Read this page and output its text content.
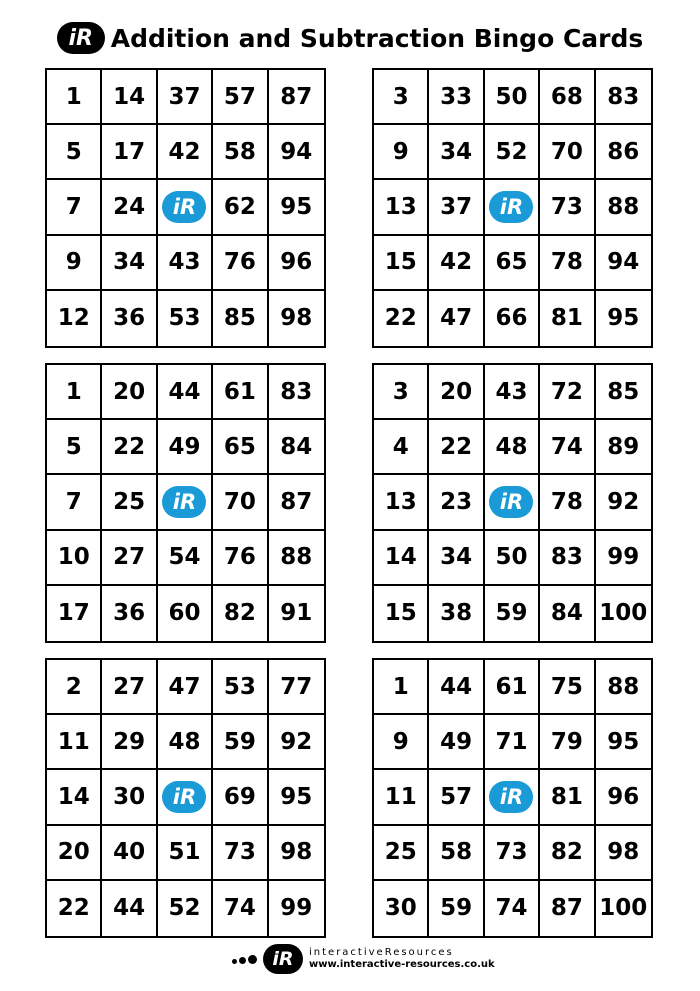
iR Addition and Subtraction Bingo Cards
1	14	37	57	87
5	17	42	58	94
7	24	iR	62	95
9	34	43	76	96
12	36	53	85	98
3	33	50	68	83
9	34	52	70	86
13	37	iR	73	88
15	42	65	78	94
22	47	66	81	95
1	20	44	61	83
5	22	49	65	84
7	25	iR	70	87
10	27	54	76	88
17	36	60	82	91
3	20	43	72	85
4	22	48	74	89
13	23	iR	78	92
14	34	50	83	99
15	38	59	84 100
2	27	47	53	77
11	29	48	59	92
14	30	iR	69	95
20	40	51	73	98
22	44	52	74	99
1	44	61	75	88
9	49	71	79	95
11	57	iR	81	96
25	58	73	82	98
30	59	74	87 100
iR	interactiveResources
www.interactive-resources.co.uk
